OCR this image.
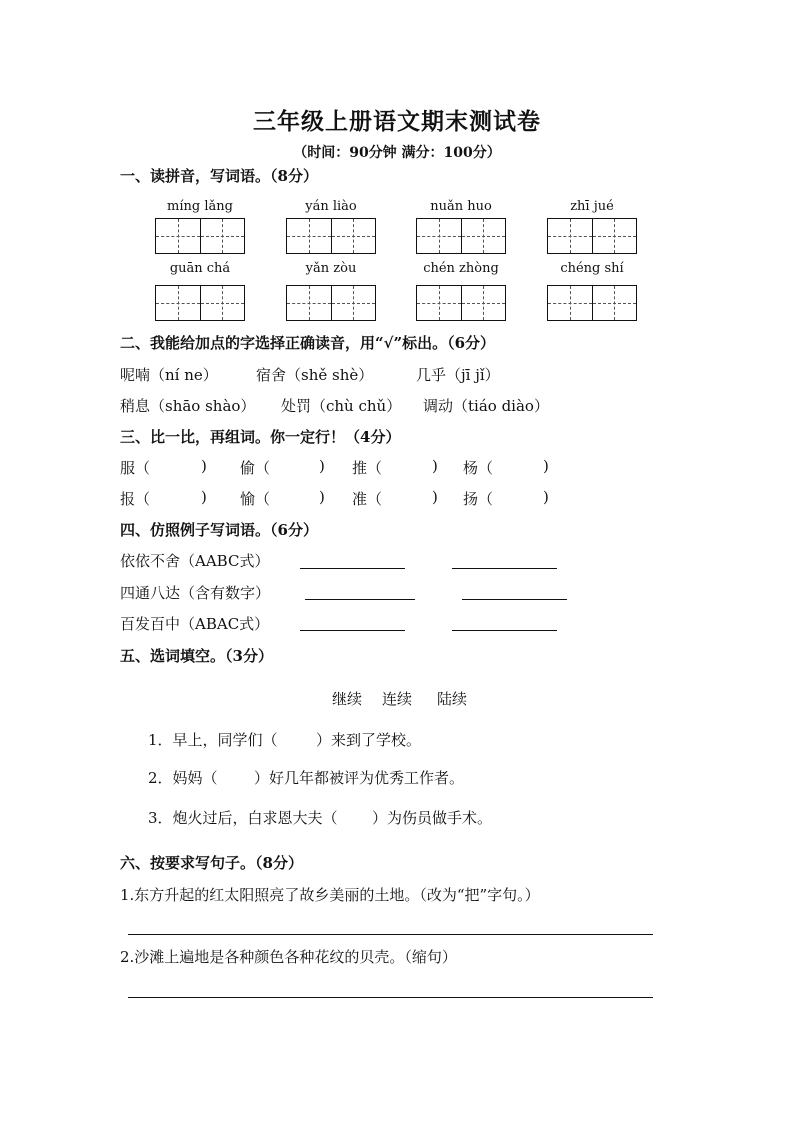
三年级上册语文期末测试卷
（时间：90分钟 满分：100分）
一、读拼音，写词语。（8分）
míng lǎng	yán liào	nuǎn huo	zhī jué
guān chá	yǎn zòu	chén zhòng	chéng shí
二、我能给加点的字选择正确读音，用“√”标出。（6分）
呢喃（ní ne）	宿舍（shě shè）	几乎（jī jǐ）
稍息（shāo shào） 处罚（chù chǔ） 调动（tiáo diào）
三、比一比，再组词。你一定行！（4分）
服（	) 偷（	) 推（	) 杨（	)
报（	) 愉（	) 准（	) 扬（	)
四、仿照例子写词语。（6分）
依依不舍（AABC式）
四通八达（含有数字）
百发百中（ABAC式）
五、选词填空。（3分）
继续 连续 陆续
1．早上，同学们（	）来到了学校。
2．妈妈（ ）好几年都被评为优秀工作者。
3．炮火过后，白求恩大夫（ ）为伤员做手术。
六、按要求写句子。（8分）
1.东方升起的红太阳照亮了故乡美丽的土地。（改为“把”字句。）
2.沙滩上遍地是各种颜色各种花纹的贝壳。（缩句）
